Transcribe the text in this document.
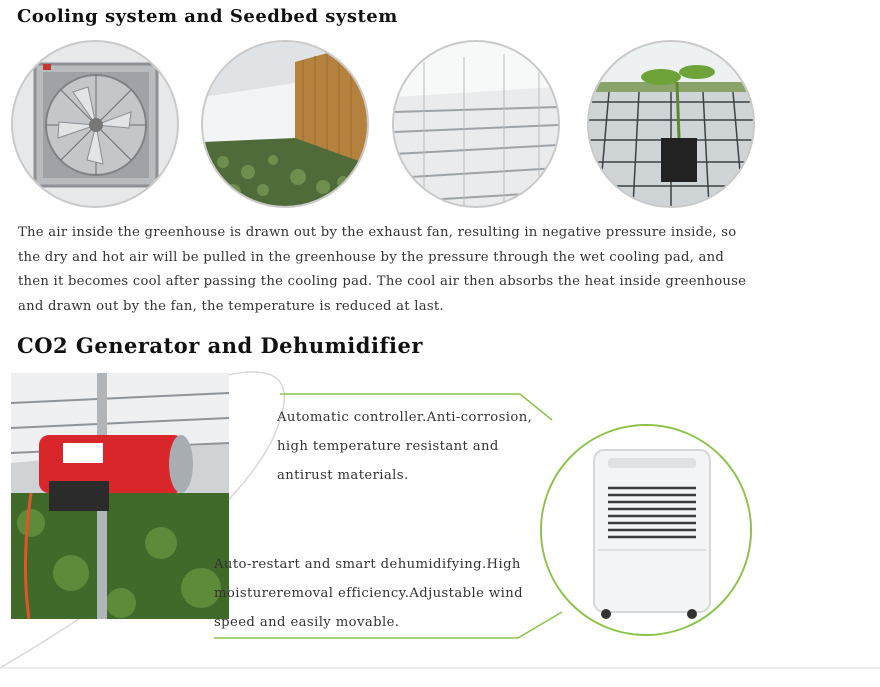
Cooling system and Seedbed system

The air inside the greenhouse is drawn out by the exhaust fan, resulting in negative pressure inside, so the dry and hot air will be pulled in the greenhouse by the pressure through the wet cooling pad, and then it becomes cool after passing the cooling pad. The cool air then absorbs the heat inside greenhouse and drawn out by the fan, the temperature is reduced at last.

CO2 Generator and Dehumidifier

Automatic controller.Anti-corrosion, high temperature resistant and antirust materials.

Auto-restart and smart dehumidifying.High moistureremoval efficiency.Adjustable wind speed and easily movable.
